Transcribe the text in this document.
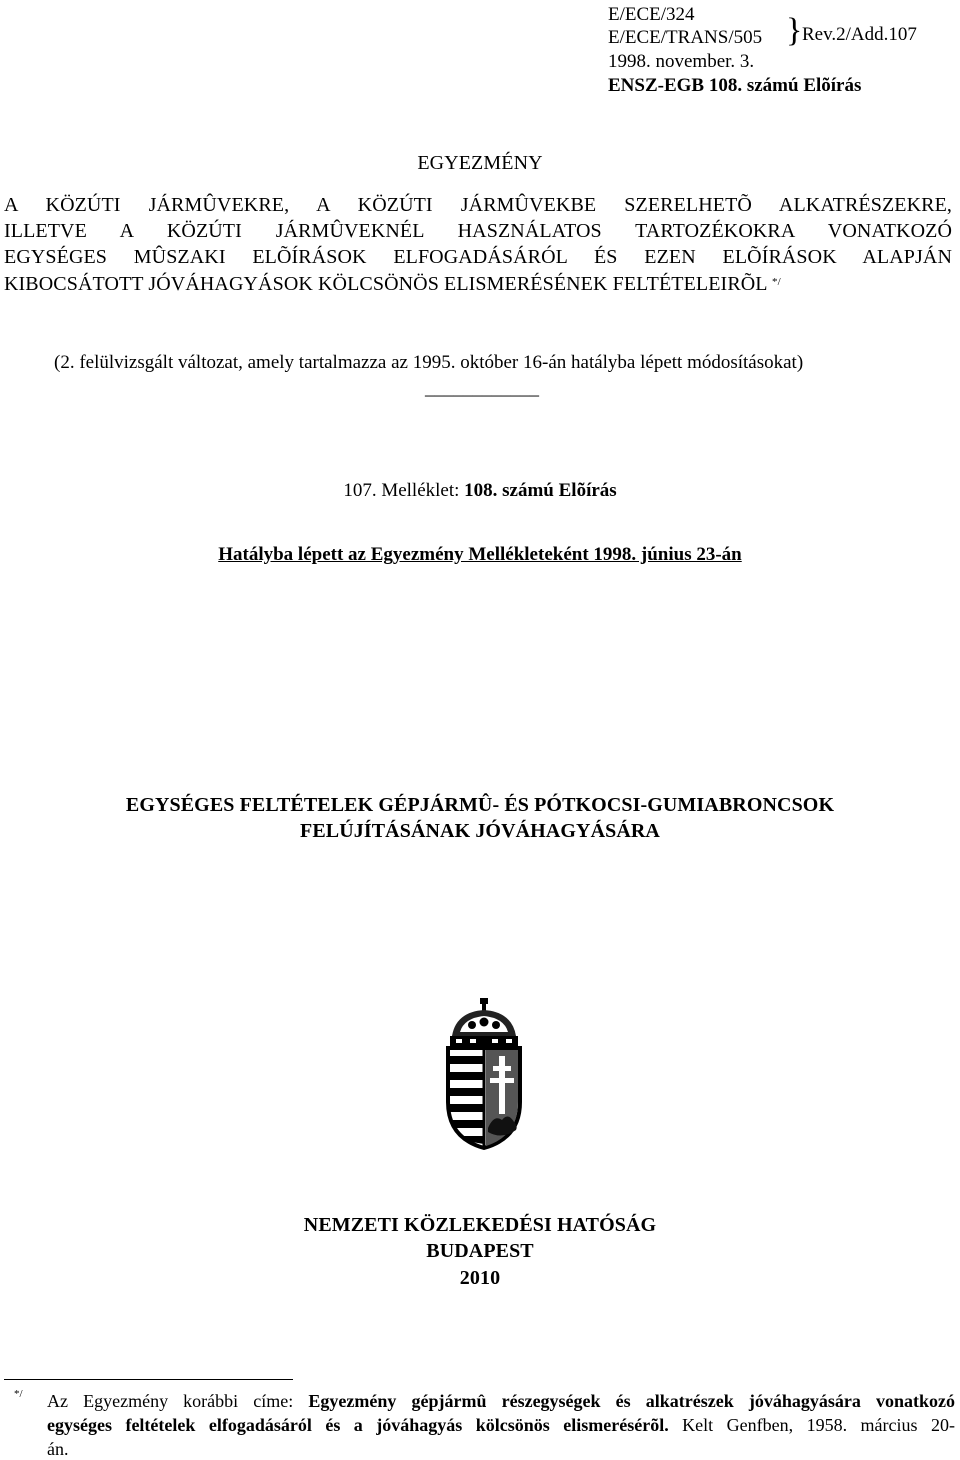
E/ECE/324
E/ECE/TRANS/505 } Rev.2/Add.107
1998. november. 3.
ENSZ-EGB 108. számú Elõírás
EGYEZMÉNY
A KÖZÚTI JÁRMÛVEKRE, A KÖZÚTI JÁRMÛVEKBE SZERELHETÕ ALKATRÉSZEKRE,
ILLETVE A KÖZÚTI JÁRMÛVEKNÉL HASZNÁLATOS TARTOZÉKOKRA VONATKOZÓ
EGYSÉGES MÛSZAKI ELÕÍRÁSOK ELFOGADÁSÁRÓL ÉS EZEN ELÕÍRÁSOK ALAPJÁN
KIBOCSÁTOTT JÓVÁHAGYÁSOK KÖLCSÖNÖS ELISMERÉSÉNEK FELTÉTELEIRÕL */
(2. felülvizsgált változat, amely tartalmazza az 1995. október 16-án hatályba lépett módosításokat)
____________
107. Melléklet: 108. számú Elõírás
Hatályba lépett az Egyezmény Mellékleteként 1998. június 23-án
EGYSÉGES FELTÉTELEK GÉPJÁRMÛ- ÉS PÓTKOCSI-GUMIABRONCSOK
FELÚJÍTÁSÁNAK JÓVÁHAGYÁSÁRA
NEMZETI KÖZLEKEDÉSI HATÓSÁG
BUDAPEST
2010
*/ Az Egyezmény korábbi címe: Egyezmény gépjármû részegységek és alkatrészek jóváhagyására vonatkozó
egységes feltételek elfogadásáról és a jóváhagyás kölcsönös elismerésérõl. Kelt Genfben, 1958. március 20-
án.
